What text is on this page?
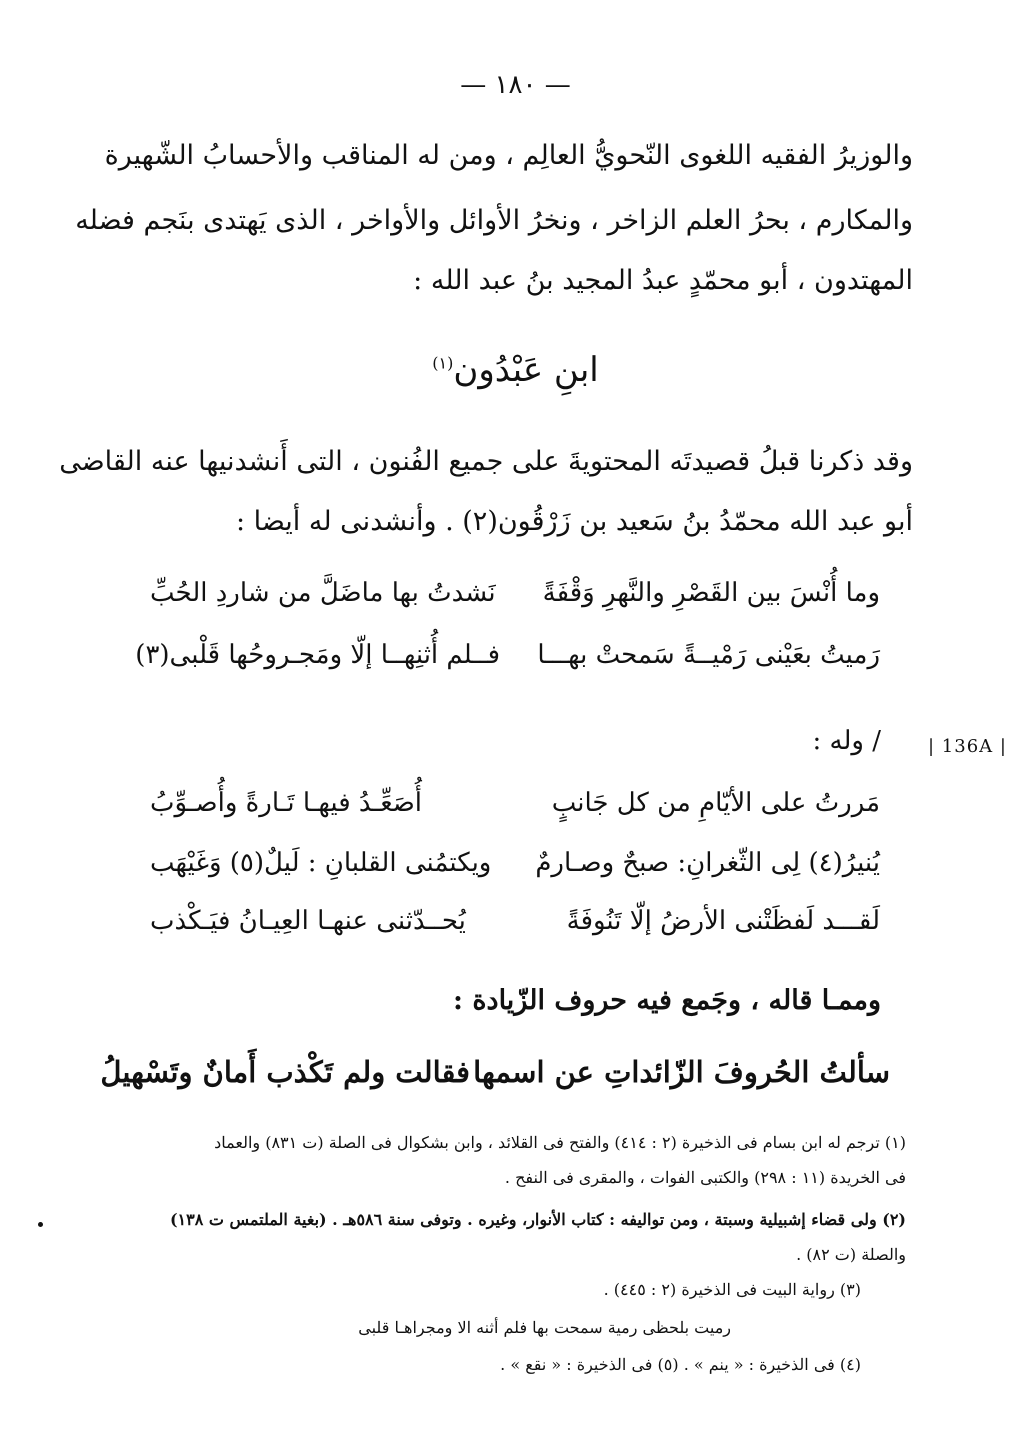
— ١٨٠ —
والوزيرُ الفقيه اللغوى النّحويُّ العالِم ، ومن له المناقب والأحسابُ الشّهيرة
والمكارم ، بحرُ العلم الزاخر ، ونخرُ الأوائل والأواخر ، الذى يَهتدى بنَجم فضله
المهتدون ، أبو محمّدٍ عبدُ المجيد بنُ عبد الله :
ابنِ عَبْدُون$^{(١)}$
وقد ذكرنا قبلُ قصيدتَه المحتويةَ على جميع الفُنون ، التى أَنشدنيها عنه القاضى
أبو عبد الله محمّدُ بنُ سَعيد بن زَرْقُون(٢) . وأنشدنى له أيضا :
وما أُنْسَ بين القَصْرِ والنَّهرِ وَقْفَةً
نَشدتُ بها ماضَلَّ من شاردِ الحُبِّ
رَميتُ بعَيْنى رَمْيــةً سَمحتْ بهـــا
فــلم أُثنِهــا إلّا ومَجـروحُها قَلْبى(٣)
/ وله :	| 136A |
مَررتُ على الأيّامِ من كل جَانبٍ
أُصَعِّـدُ فيهـا تَـارةً وأُصـوِّبُ
يُنيرُ(٤) لِى الثّغرانِ: صبحٌ وصـارمٌ
ويكتمُنى القلبانِ : لَيلٌ(٥) وَغَيْهَب
لَقـــد لَفظَتْنى الأرضُ إلّا تَنُوفَةً
يُحــدّثنى عنهـا العِيـانُ فيَـكْذب
وممـا قاله ، وجَمع فيه حروف الزّيادة :
سألتُ الحُروفَ الزّائداتِ عن اسمها
فقالت ولم تَكْذب أَمانٌ وتَسْهيلُ
(١) ترجم له ابن بسام فى الذخيرة (٢ : ٤١٤) والفتح فى القلائد ، وابن بشكوال فى الصلة (ت ٨٣١) والعماد
فى الخريدة (١١ : ٢٩٨) والكتبى الفوات ، والمقرى فى النفح .
(٢) ولى قضاء إشبيلية وسبتة ، ومن تواليفه : كتاب الأنوار، وغيره . وتوفى سنة ٥٨٦هـ . (بغية الملتمس ت ١٣٨)
والصلة (ت ٨٢) .
(٣) رواية البيت فى الذخيرة (٢ : ٤٤٥) .
رميت بلحظى رمية سمحت بها فلم أثنه الا ومجراهـا قلبى
(٤) فى الذخيرة : « ينم » . (٥) فى الذخيرة : « نقع » .
